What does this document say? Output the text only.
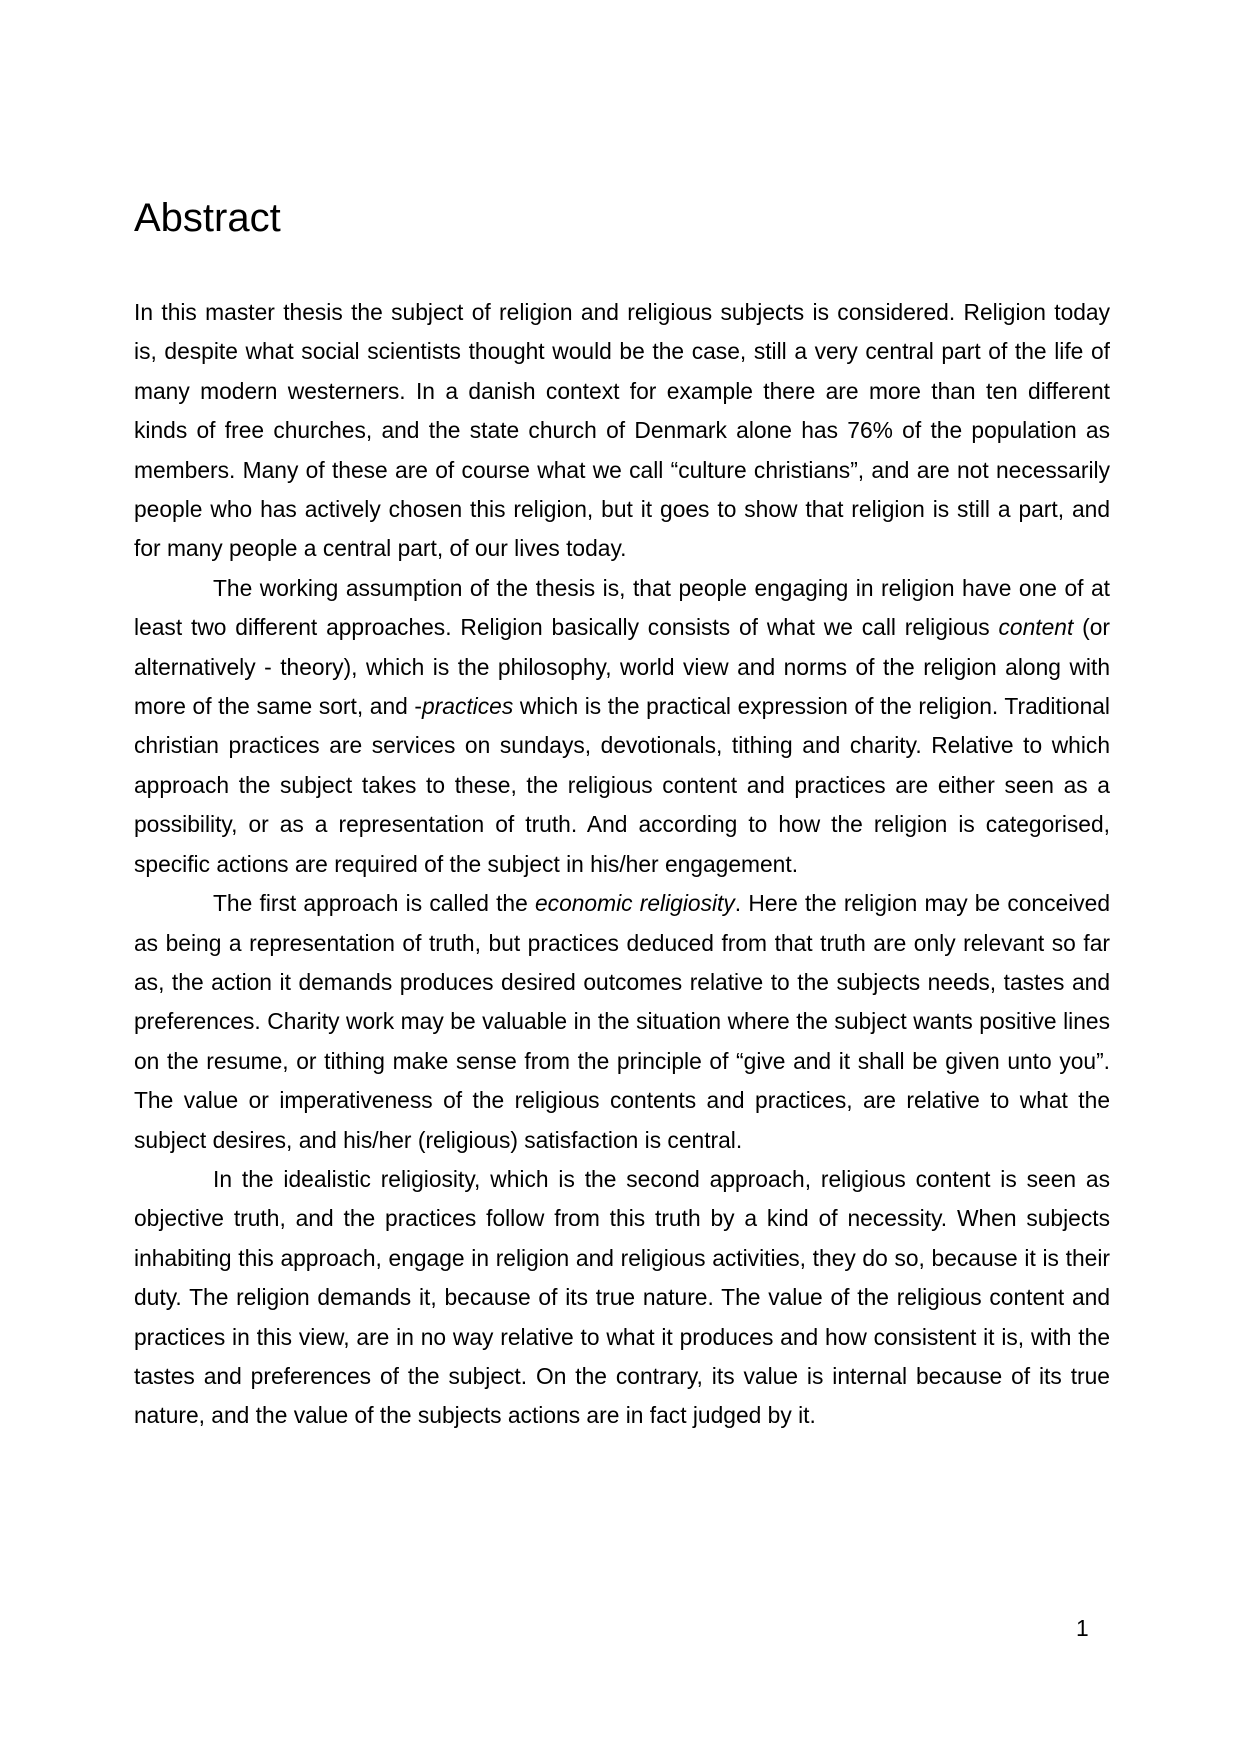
Abstract

In this master thesis the subject of religion and religious subjects is considered. Religion today is, despite what social scientists thought would be the case, still a very central part of the life of many modern westerners. In a danish context for example there are more than ten different kinds of free churches, and the state church of Denmark alone has 76% of the population as members. Many of these are of course what we call “culture christians”, and are not necessarily people who has actively chosen this religion, but it goes to show that religion is still a part, and for many people a central part, of our lives today.

The working assumption of the thesis is, that people engaging in religion have one of at least two different approaches. Religion basically consists of what we call religious content (or alternatively - theory), which is the philosophy, world view and norms of the religion along with more of the same sort, and -practices which is the practical expression of the religion. Traditional christian practices are services on sundays, devotionals, tithing and charity. Relative to which approach the subject takes to these, the religious content and practices are either seen as a possibility, or as a representation of truth. And according to how the religion is categorised, specific actions are required of the subject in his/her engagement.

The first approach is called the economic religiosity. Here the religion may be conceived as being a representation of truth, but practices deduced from that truth are only relevant so far as, the action it demands produces desired outcomes relative to the subjects needs, tastes and preferences. Charity work may be valuable in the situation where the subject wants positive lines on the resume, or tithing make sense from the principle of “give and it shall be given unto you”. The value or imperativeness of the religious contents and practices, are relative to what the subject desires, and his/her (religious) satisfaction is central.

In the idealistic religiosity, which is the second approach, religious content is seen as objective truth, and the practices follow from this truth by a kind of necessity. When subjects inhabiting this approach, engage in religion and religious activities, they do so, because it is their duty. The religion demands it, because of its true nature. The value of the religious content and practices in this view, are in no way relative to what it produces and how consistent it is, with the tastes and preferences of the subject. On the contrary, its value is internal because of its true nature, and the value of the subjects actions are in fact judged by it.

1
